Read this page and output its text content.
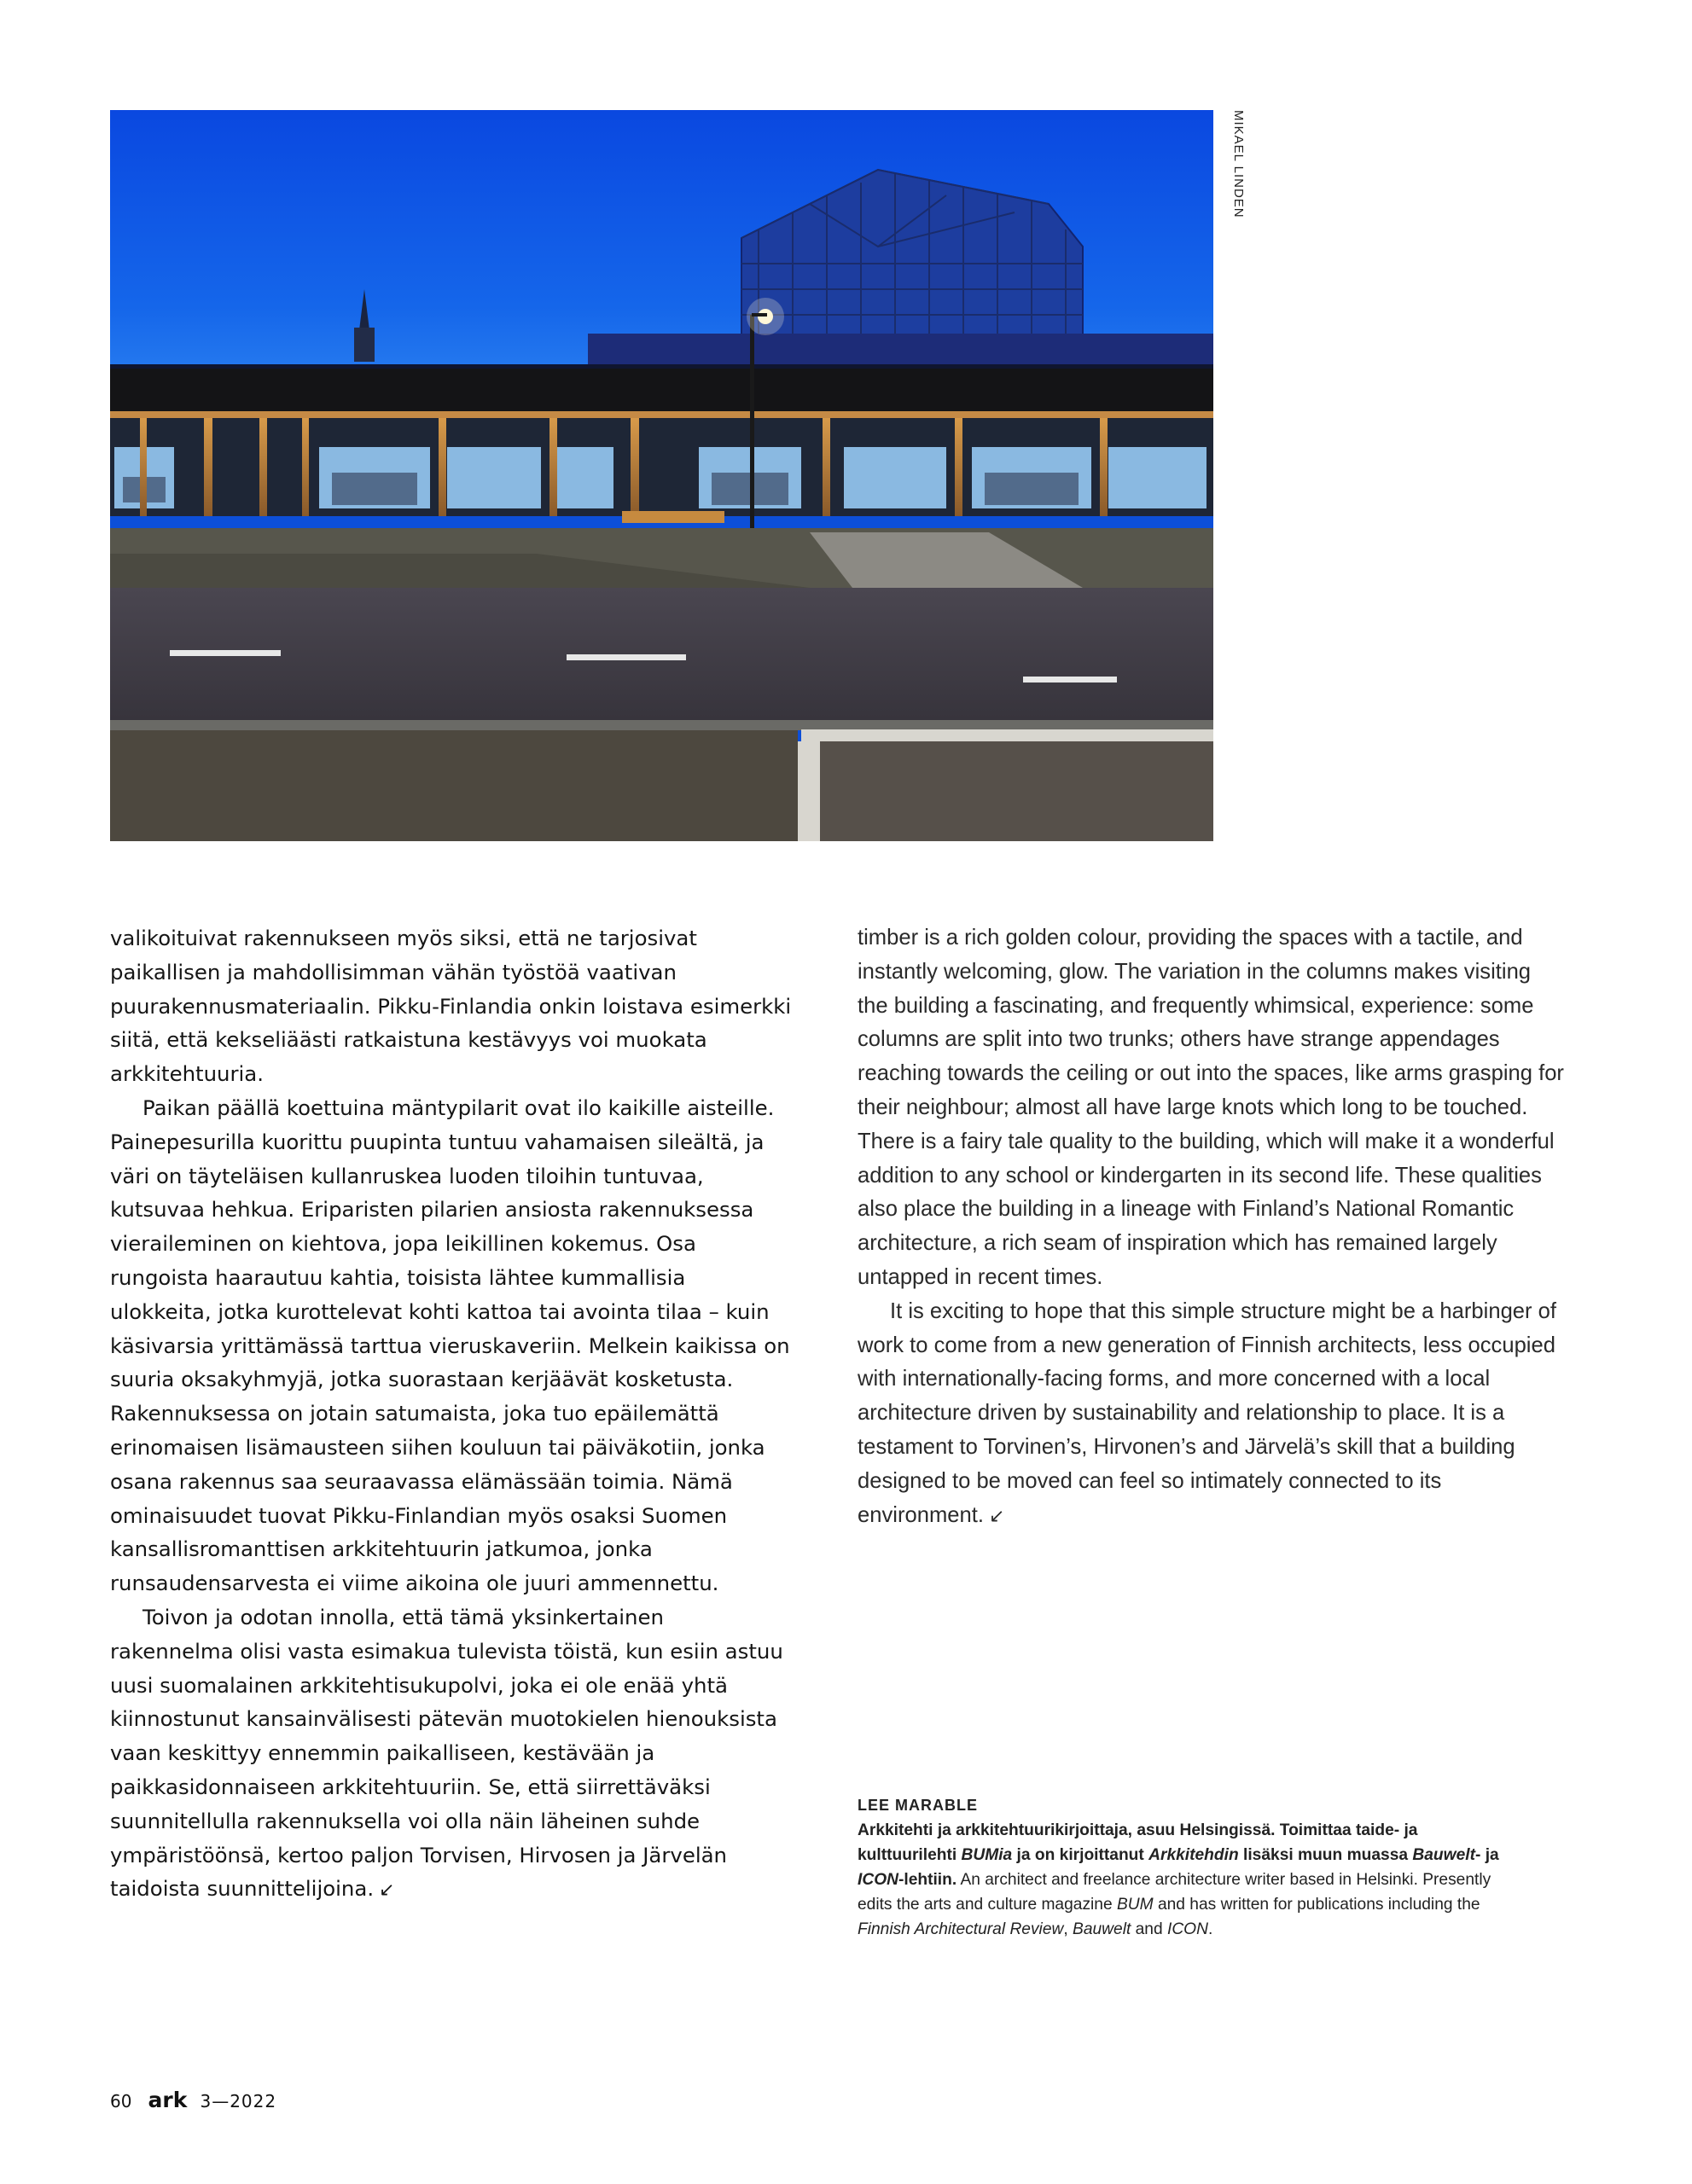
MIKAEL LINDEN

valikoituivat rakennukseen myös siksi, että ne tarjosivat paikallisen ja mahdollisimman vähän työstöä vaativan puurakennusmateriaalin. Pikku-Finlandia onkin loistava esimerkki siitä, että kekseliäästi ratkaistuna kestävyys voi muokata arkkitehtuuria.

Paikan päällä koettuina mäntypilarit ovat ilo kaikille aisteille. Painepesurilla kuorittu puupinta tuntuu vahamaisen sileältä, ja väri on täyteläisen kullanruskea luoden tiloihin tuntuvaa, kutsuvaa hehkua. Eriparisten pilarien ansiosta rakennuksessa vieraileminen on kiehtova, jopa leikillinen kokemus. Osa rungoista haarautuu kahtia, toisista lähtee kummallisia ulokkeita, jotka kurottelevat kohti kattoa tai avointa tilaa – kuin käsivarsia yrittämässä tarttua vieruskaveriin. Melkein kaikissa on suuria oksakyhmyjä, jotka suorastaan kerjäävät kosketusta. Rakennuksessa on jotain satumaista, joka tuo epäilemättä erinomaisen lisämausteen siihen kouluun tai päiväkotiin, jonka osana rakennus saa seuraavassa elämässään toimia. Nämä ominaisuudet tuovat Pikku-Finlandian myös osaksi Suomen kansallisromanttisen arkkitehtuurin jatkumoa, jonka runsaudensarvesta ei viime aikoina ole juuri ammennettu.

Toivon ja odotan innolla, että tämä yksinkertainen rakennelma olisi vasta esimakua tulevista töistä, kun esiin astuu uusi suomalainen arkkitehtisukupolvi, joka ei ole enää yhtä kiinnostunut kansainvälisesti pätevän muotokielen hienouksista vaan keskittyy ennemmin paikalliseen, kestävään ja paikkasidonnaiseen arkkitehtuuriin. Se, että siirrettäväksi suunnitellulla rakennuksella voi olla näin läheinen suhde ympäristöönsä, kertoo paljon Torvisen, Hirvosen ja Järvelän taidoista suunnittelijoina. ↙

timber is a rich golden colour, providing the spaces with a tactile, and instantly welcoming, glow. The variation in the columns makes visiting the building a fascinating, and frequently whimsical, experience: some columns are split into two trunks; others have strange appendages reaching towards the ceiling or out into the spaces, like arms grasping for their neighbour; almost all have large knots which long to be touched. There is a fairy tale quality to the building, which will make it a wonderful addition to any school or kindergarten in its second life. These qualities also place the building in a lineage with Finland’s National Romantic architecture, a rich seam of inspiration which has remained largely untapped in recent times.

It is exciting to hope that this simple structure might be a harbinger of work to come from a new generation of Finnish architects, less occupied with internationally-facing forms, and more concerned with a local architecture driven by sustainability and relationship to place. It is a testament to Torvinen’s, Hirvonen’s and Järvelä’s skill that a building designed to be moved can feel so intimately connected to its environment. ↙

LEE MARABLE
Arkkitehti ja arkkitehtuurikirjoittaja, asuu Helsingissä. Toimittaa taide- ja kulttuurilehti BUMia ja on kirjoittanut Arkkitehdin lisäksi muun muassa Bauwelt- ja ICON-lehtiin. An architect and freelance architecture writer based in Helsinki. Presently edits the arts and culture magazine BUM and has written for publications including the Finnish Architectural Review, Bauwelt and ICON.
60 ark 3—2022
